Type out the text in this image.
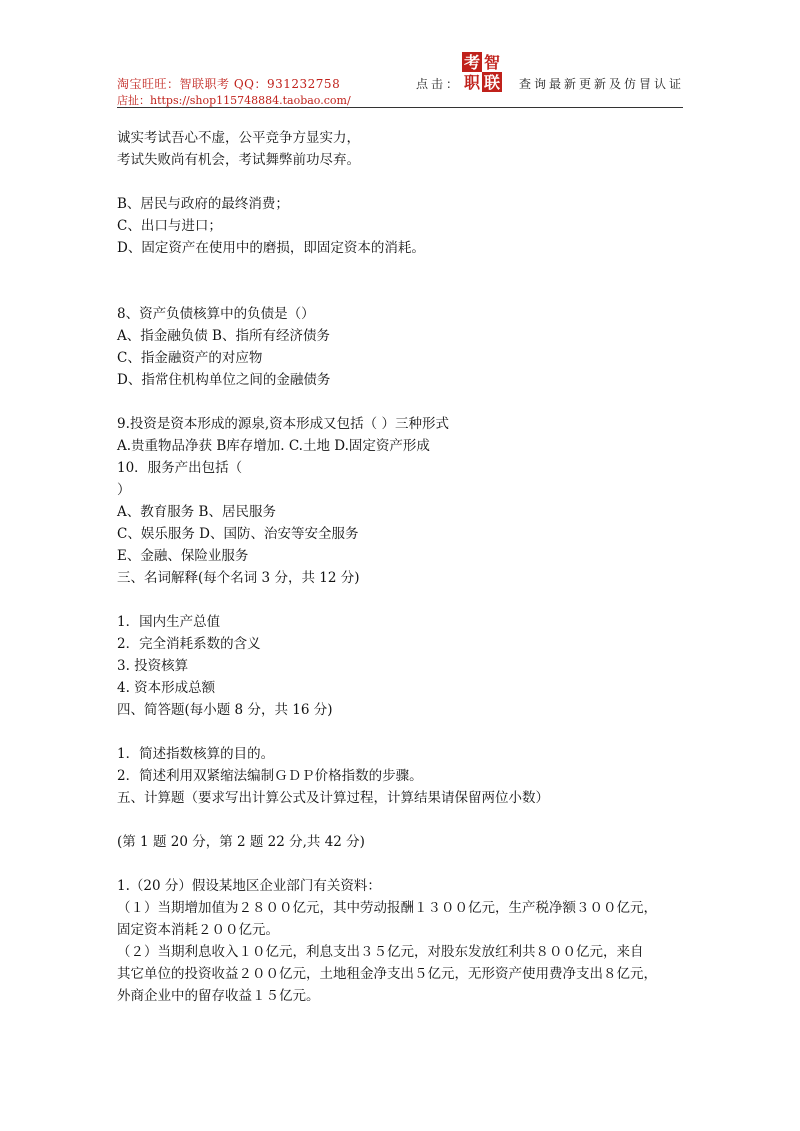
淘宝旺旺：智联职考 QQ：931232758
店扯：https://shop115748884.taobao.com/
点击：
考 智
职 联 查询最新更新及仿冒认证
诚实考试吾心不虚，公平竞争方显实力，
考试失败尚有机会，考试舞弊前功尽弃。
B、居民与政府的最终消费；
C、出口与进口；
D、固定资产在使用中的磨损，即固定资本的消耗。
8、资产负债核算中的负债是（）
A、指金融负债 B、指所有经济债务
C、指金融资产的对应物
D、指常住机构单位之间的金融债务
9.投资是资本形成的源泉,资本形成又包括（ ）三种形式
A.贵重物品净获 B库存增加. C.土地 D.固定资产形成
10．服务产出包括（
）
A、教育服务 B、居民服务
C、娱乐服务 D、国防、治安等安全服务
E、金融、保险业服务
三、名词解释(每个名词 3 分，共 12 分)
1．国内生产总值
2．完全消耗系数的含义
3. 投资核算
4. 资本形成总额
四、简答题(每小题 8 分，共 16 分)
1．简述指数核算的目的。
2．简述利用双紧缩法编制ＧＤＰ价格指数的步骤。
五、计算题（要求写出计算公式及计算过程，计算结果请保留两位小数）
(第 1 题 20 分，第 2 题 22 分,共 42 分)
1.（20 分）假设某地区企业部门有关资料：
（１）当期增加值为２８００亿元，其中劳动报酬１３００亿元，生产税净额３００亿元，
固定资本消耗２００亿元。
（２）当期利息收入１０亿元，利息支出３５亿元，对股东发放红利共８００亿元，来自
其它单位的投资收益２００亿元，土地租金净支出５亿元，无形资产使用费净支出８亿元，
外商企业中的留存收益１５亿元。
